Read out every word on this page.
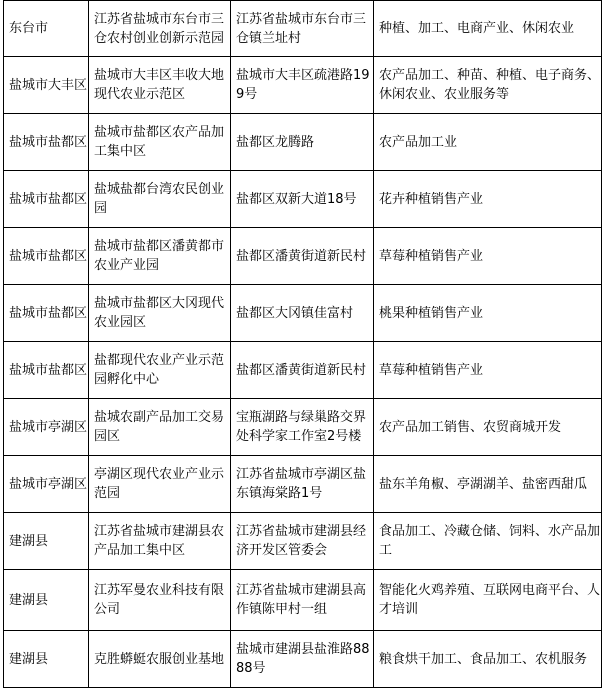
东台市	江苏省盐城市东台市三仓农村创业创新示范园	江苏省盐城市东台市三仓镇兰址村	种植、加工、电商产业、休闲农业
盐城市大丰区	盐城市大丰区丰收大地现代农业示范区	盐城市大丰区疏港路199号	农产品加工、种苗、种植、电子商务、休闲农业、农业服务等
盐城市盐都区	盐城市盐都区农产品加工集中区	盐都区龙腾路	农产品加工业
盐城市盐都区	盐城盐都台湾农民创业园	盐都区双新大道18号	花卉种植销售产业
盐城市盐都区	盐城市盐都区潘黄都市农业产业园	盐都区潘黄街道新民村	草莓种植销售产业
盐城市盐都区	盐城市盐都区大冈现代农业园区	盐都区大冈镇佳富村	桃果种植销售产业
盐城市盐都区	盐都现代农业产业示范园孵化中心	盐都区潘黄街道新民村	草莓种植销售产业
盐城市亭湖区	盐城农副产品加工交易园区	宝瓶湖路与绿巢路交界处科学家工作室2号楼	农产品加工销售、农贸商城开发
盐城市亭湖区	亭湖区现代农业产业示范园	江苏省盐城市亭湖区盐东镇海棠路1号	盐东羊角椒、亭湖湖羊、盐密西甜瓜
建湖县	江苏省盐城市建湖县农产品加工集中区	江苏省盐城市建湖县经济开发区管委会	食品加工、冷藏仓储、饲料、水产品加工
建湖县	江苏军曼农业科技有限公司	江苏省盐城市建湖县高作镇陈甲村一组	智能化火鸡养殖、互联网电商平台、人才培训
建湖县	克胜蟒蜓农服创业基地	盐城市建湖县盐淮路8888号	粮食烘干加工、食品加工、农机服务
